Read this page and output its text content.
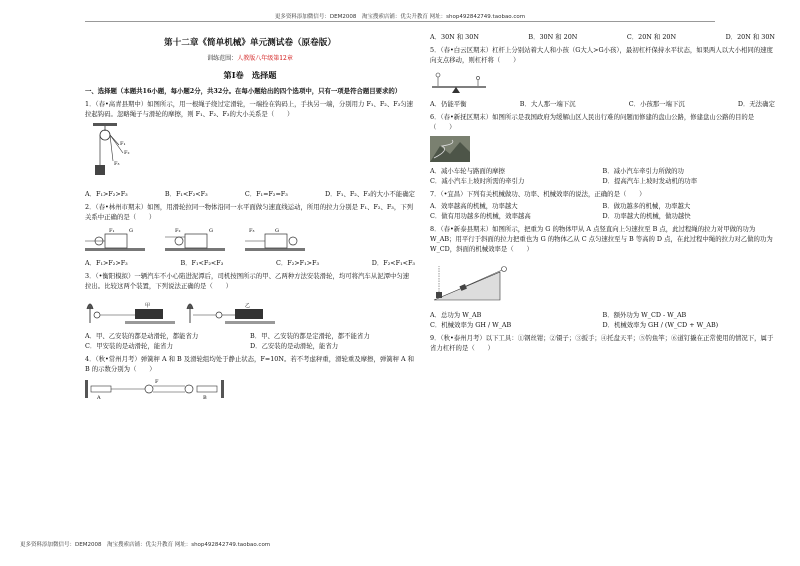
更多资料添加微信号：DEM2008　淘宝搜索店铺：优尖升教育 网址：shop492842749.taobao.com
第十二章《简单机械》单元测试卷（原卷版）
训练范围：人教版八年级第12章
第Ⅰ卷　选择题
一、选择题（本题共16小题，每小题2分，共32分。在每小题给出的四个选项中，只有一项是符合题目要求的）
1．（春•高青县期中）如图所示，用一根绳子绕过定滑轮，一端拴在钩码上，手执另一端，分别用力 F₁、F₂、F₃匀速拉起钩码。忽略绳子与滑轮的摩擦，则 F₁、F₂、F₃的大小关系是（　　）
F₁
F₂
F₃
A．F₁>F₂>F₃	B．F₁<F₂<F₃	C．F₁=F₂=F₃	D．F₁、F₂、F₃的大小不能确定
2．（春•林州市期末）如图，用滑轮拉同一物体沿同一水平面做匀速直线运动，所用的拉力分别是 F₁、F₂、F₃，下列关系中正确的是（　　）
F₁	G	F₂	G	F₃	G
A．F₁>F₂>F₃	B．F₁<F₂<F₃	C．F₂>F₁>F₃	D．F₂<F₁<F₃
3．（•衡阳模拟）一辆汽车不小心陷进泥潭后，司机按图所示的甲、乙两种方法安装滑轮，均可将汽车从泥潭中匀速拉出。比较这两个装置，下列说法正确的是（　　）
甲	乙
A．甲、乙安装的都是动滑轮，都能省力	B．甲、乙安装的都是定滑轮，都不能省力
C．甲安装的是动滑轮，能省力	D．乙安装的是动滑轮，能省力
4．（秋•常州月考）弹簧秤 A 和 B 及滑轮组均处于静止状态，F=10N。若不考虑秤重，滑轮重及摩擦，弹簧秤 A 和 B 的示数分别为（　　）
F
A	B
A．30N 和 30N	B．30N 和 20N	C．20N 和 20N	D．20N 和 30N
5．（春•白云区期末）杠杆上分别站着大人和小孩（G大人>G小孩），最初杠杆保持水平状态，如果两人以大小相同的速度向支点移动，则杠杆将（　　）
A．仍能平衡	B．大人那一端下沉	C．小孩那一端下沉	D．无法确定
6．（春•新抚区期末）如图所示是我国政府为缓解山区人民出行难的问题而修建的盘山公路，修建盘山公路的目的是（　　）
A．减小车轮与路面的摩擦	B．减小汽车牵引力所做的功
C．减小汽车上坡时所需的牵引力	D．提高汽车上坡时发动机的功率
7．（•宜昌）下列有关机械做功、功率、机械效率的说法，正确的是（　　）
A．效率越高的机械，功率越大	B．做功越多的机械，功率越大
C．做有用功越多的机械，效率越高	D．功率越大的机械，做功越快
8．（春•新泰县期末）如图所示，把重为 G 的物体甲从 A 点竖直向上匀速拉至 B 点，此过程绳的拉力对甲做的功为 W_AB；用平行于斜面的拉力把重也为 G 的物体乙从 C 点匀速拉至与 B 等高的 D 点，在此过程中绳的拉力对乙做的功为 W_CD，斜面的机械效率是（　　）
A．总功为 W_AB	B．额外功为 W_CD - W_AB
C．机械效率为 GH / W_AB	D．机械效率为 GH / (W_CD + W_AB)
9．（秋•泰州月考）以下工具：①钢丝钳；②镊子；③扳手；④托盘天平；⑤钓鱼竿；⑥道钉撬在正常使用的情况下，属于省力杠杆的是（　　）
更多资料添加微信号：DEM2008　淘宝搜索店铺：优尖升教育 网址：shop492842749.taobao.com
